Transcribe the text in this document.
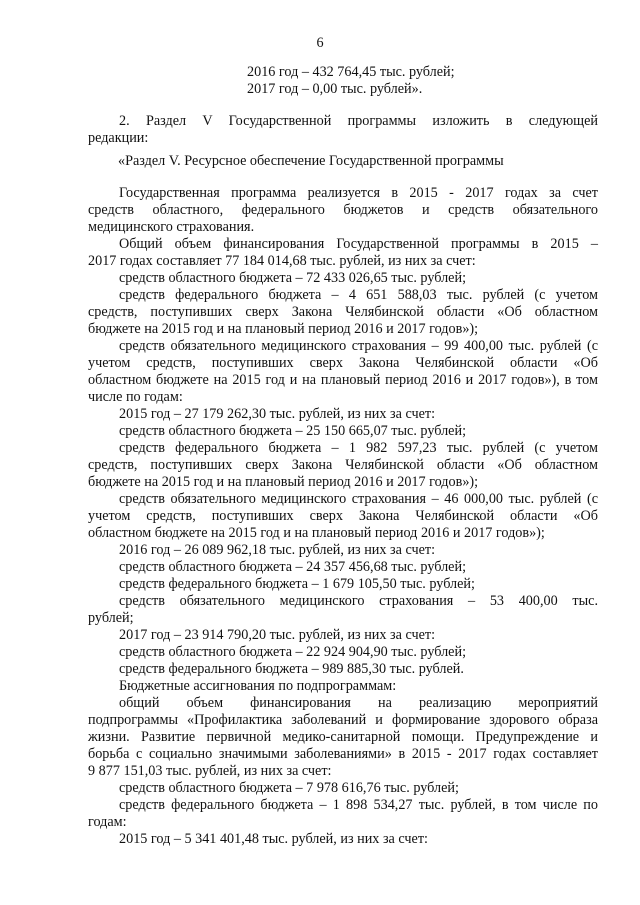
6

2016 год – 432 764,45 тыс. рублей;

2017 год – 0,00 тыс. рублей».

2. Раздел V Государственной программы изложить в следующей

редакции:

«Раздел V. Ресурсное обеспечение Государственной программы

Государственная программа реализуется в 2015 - 2017 годах за счет

средств областного, федерального бюджетов и средств обязательного

медицинского страхования.

Общий объем финансирования Государственной программы в 2015 –

2017 годах составляет 77 184 014,68 тыс. рублей, из них за счет:

средств областного бюджета – 72 433 026,65 тыс. рублей;

средств федерального бюджета – 4 651 588,03 тыс. рублей (с учетом

средств, поступивших сверх Закона Челябинской области «Об областном

бюджете на 2015 год и на плановый период 2016 и 2017 годов»);

средств обязательного медицинского страхования – 99 400,00 тыс. рублей (с

учетом средств, поступивших сверх Закона Челябинской области «Об

областном бюджете на 2015 год и на плановый период 2016 и 2017 годов»), в том

числе по годам:

2015 год – 27 179 262,30 тыс. рублей, из них за счет:

средств областного бюджета – 25 150 665,07 тыс. рублей;

средств федерального бюджета – 1 982 597,23 тыс. рублей (с учетом

средств, поступивших сверх Закона Челябинской области «Об областном

бюджете на 2015 год и на плановый период 2016 и 2017 годов»);

средств обязательного медицинского страхования – 46 000,00 тыс. рублей (с

учетом средств, поступивших сверх Закона Челябинской области «Об

областном бюджете на 2015 год и на плановый период 2016 и 2017 годов»);

2016 год – 26 089 962,18 тыс. рублей, из них за счет:

средств областного бюджета – 24 357 456,68 тыс. рублей;

средств федерального бюджета – 1 679 105,50 тыс. рублей;

средств обязательного медицинского страхования – 53 400,00 тыс.

рублей;

2017 год – 23 914 790,20 тыс. рублей, из них за счет:

средств областного бюджета – 22 924 904,90 тыс. рублей;

средств федерального бюджета – 989 885,30 тыс. рублей.

Бюджетные ассигнования по подпрограммам:

общий объем финансирования на реализацию мероприятий

подпрограммы «Профилактика заболеваний и формирование здорового образа

жизни. Развитие первичной медико-санитарной помощи. Предупреждение и

борьба с социально значимыми заболеваниями» в 2015 - 2017 годах составляет

9 877 151,03 тыс. рублей, из них за счет:

средств областного бюджета – 7 978 616,76 тыс. рублей;

средств федерального бюджета – 1 898 534,27 тыс. рублей, в том числе по

годам:

2015 год – 5 341 401,48 тыс. рублей, из них за счет:
